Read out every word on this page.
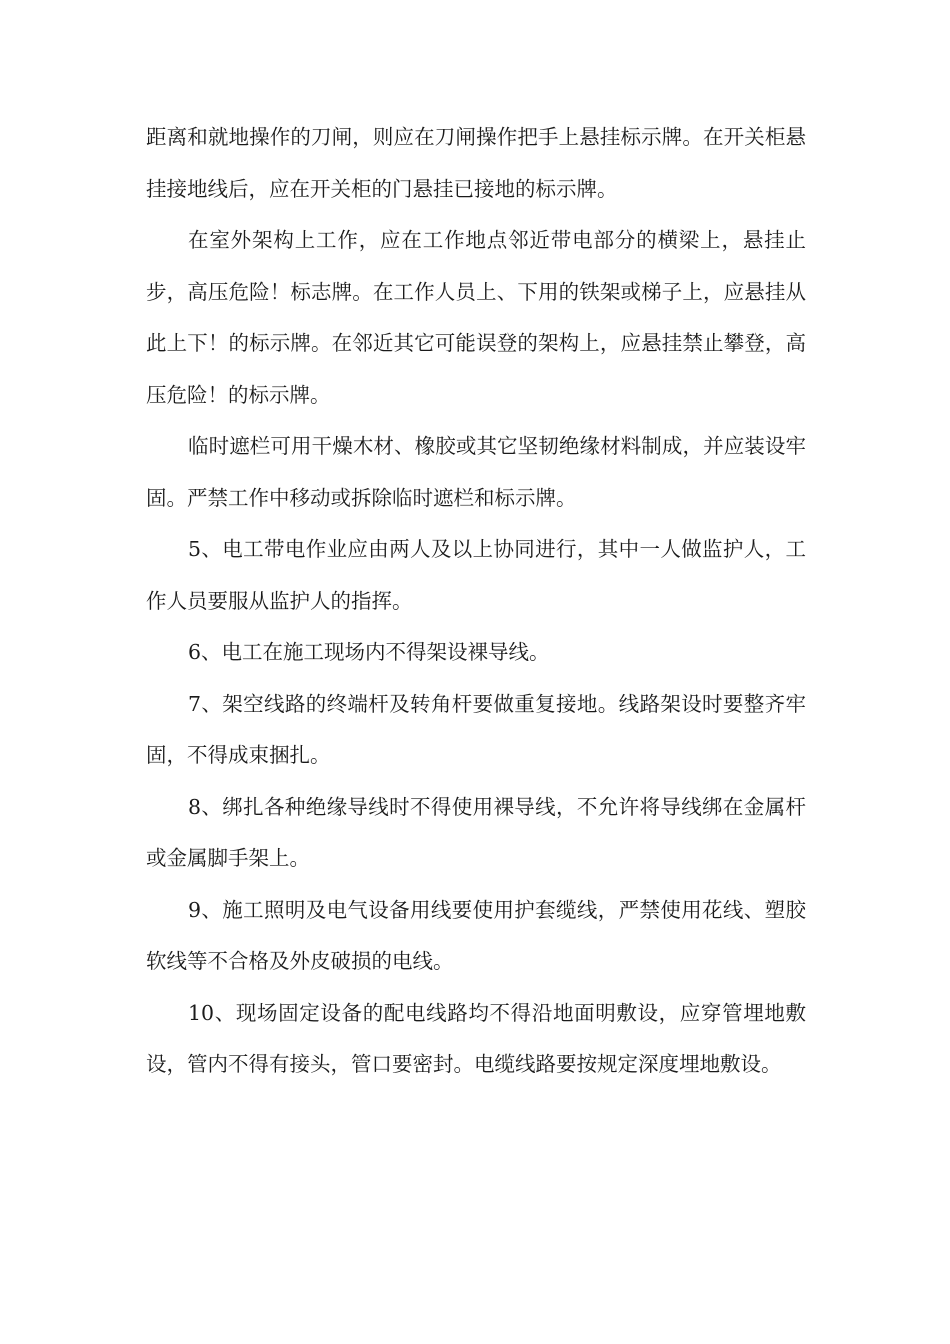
距离和就地操作的刀闸，则应在刀闸操作把手上悬挂标示牌。在开关柜悬挂接地线后，应在开关柜的门悬挂已接地的标示牌。

在室外架构上工作，应在工作地点邻近带电部分的横梁上，悬挂止步，高压危险！标志牌。在工作人员上、下用的铁架或梯子上，应悬挂从此上下！的标示牌。在邻近其它可能误登的架构上，应悬挂禁止攀登，高压危险！的标示牌。

临时遮栏可用干燥木材、橡胶或其它坚韧绝缘材料制成，并应装设牢固。严禁工作中移动或拆除临时遮栏和标示牌。

5、电工带电作业应由两人及以上协同进行，其中一人做监护人，工作人员要服从监护人的指挥。

6、电工在施工现场内不得架设裸导线。

7、架空线路的终端杆及转角杆要做重复接地。线路架设时要整齐牢固，不得成束捆扎。

8、绑扎各种绝缘导线时不得使用裸导线，不允许将导线绑在金属杆或金属脚手架上。

9、施工照明及电气设备用线要使用护套缆线，严禁使用花线、塑胶软线等不合格及外皮破损的电线。

10、现场固定设备的配电线路均不得沿地面明敷设，应穿管埋地敷设，管内不得有接头，管口要密封。电缆线路要按规定深度埋地敷设。
